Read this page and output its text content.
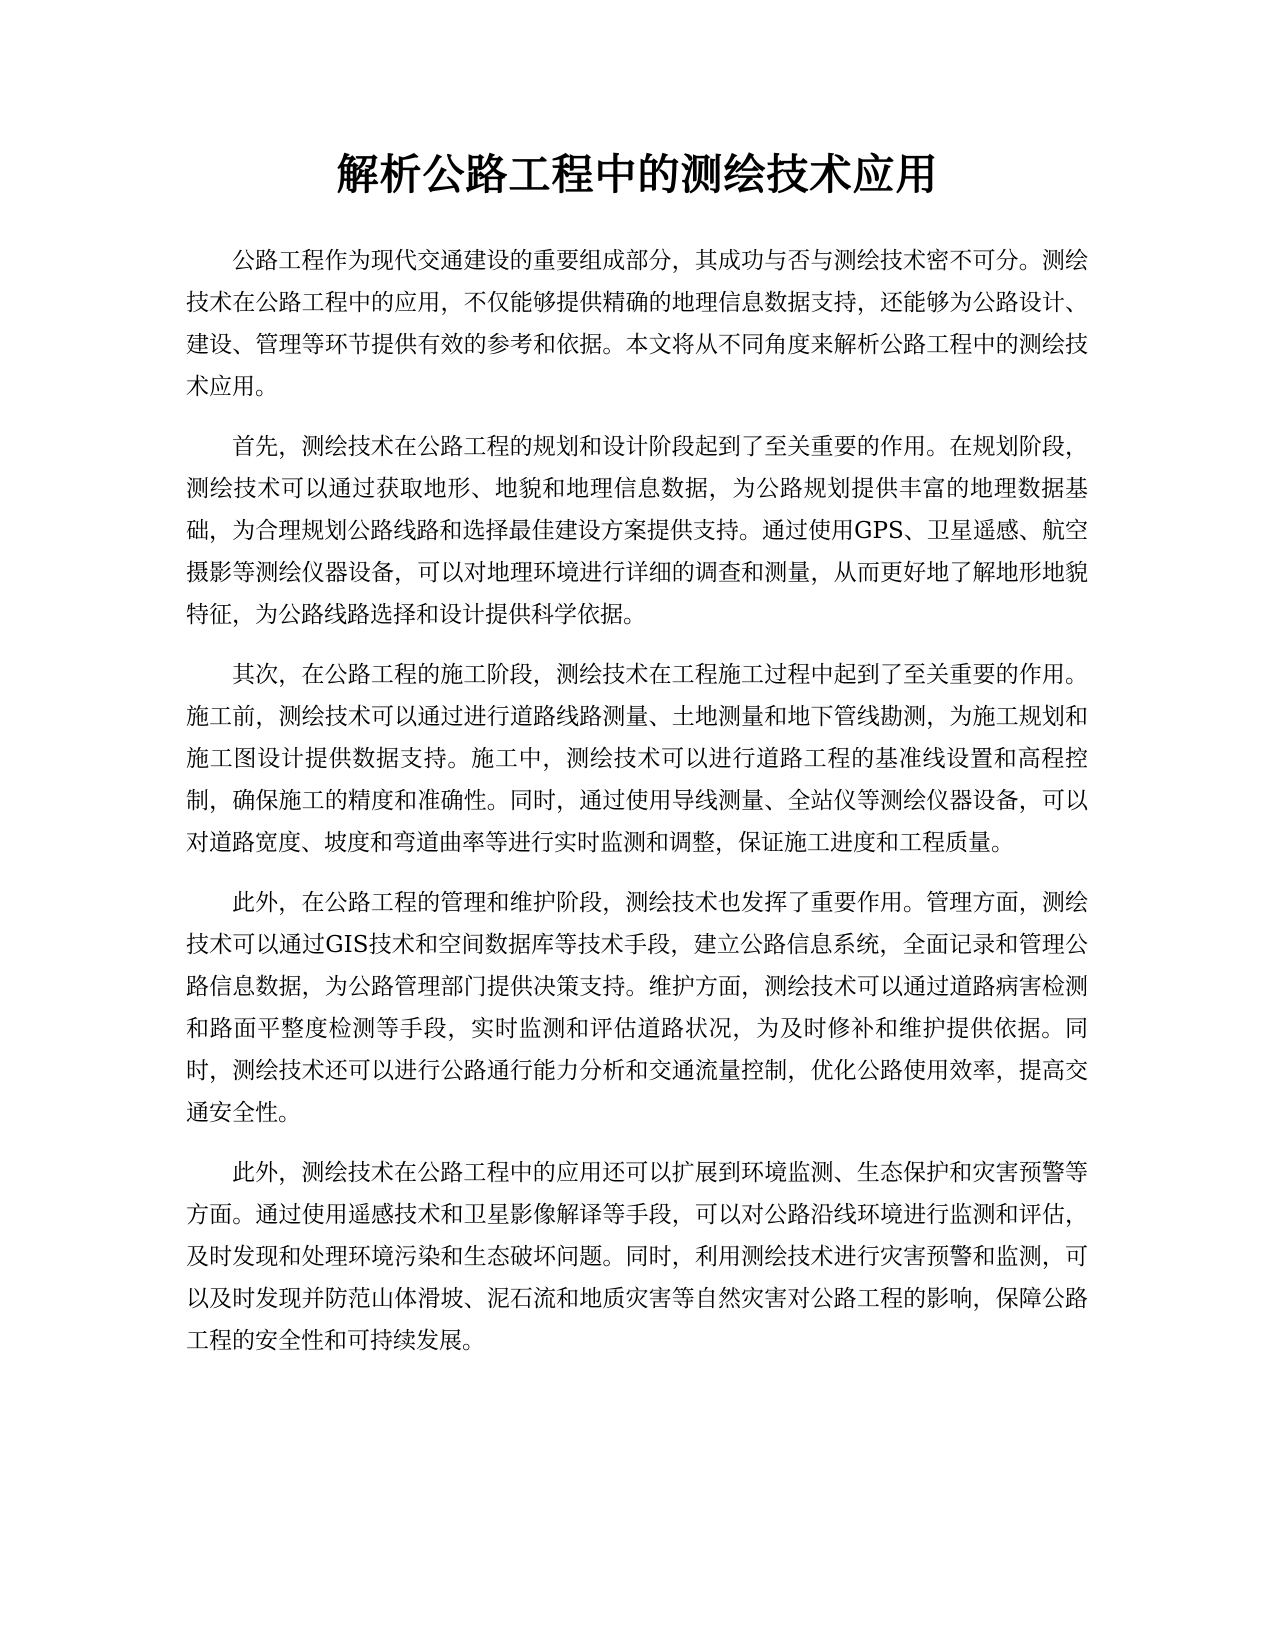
解析公路工程中的测绘技术应用

公路工程作为现代交通建设的重要组成部分，其成功与否与测绘技术密不可分。测绘技术在公路工程中的应用，不仅能够提供精确的地理信息数据支持，还能够为公路设计、建设、管理等环节提供有效的参考和依据。本文将从不同角度来解析公路工程中的测绘技术应用。

首先，测绘技术在公路工程的规划和设计阶段起到了至关重要的作用。在规划阶段，测绘技术可以通过获取地形、地貌和地理信息数据，为公路规划提供丰富的地理数据基础，为合理规划公路线路和选择最佳建设方案提供支持。通过使用GPS、卫星遥感、航空摄影等测绘仪器设备，可以对地理环境进行详细的调查和测量，从而更好地了解地形地貌特征，为公路线路选择和设计提供科学依据。

其次，在公路工程的施工阶段，测绘技术在工程施工过程中起到了至关重要的作用。施工前，测绘技术可以通过进行道路线路测量、土地测量和地下管线勘测，为施工规划和施工图设计提供数据支持。施工中，测绘技术可以进行道路工程的基准线设置和高程控制，确保施工的精度和准确性。同时，通过使用导线测量、全站仪等测绘仪器设备，可以对道路宽度、坡度和弯道曲率等进行实时监测和调整，保证施工进度和工程质量。

此外，在公路工程的管理和维护阶段，测绘技术也发挥了重要作用。管理方面，测绘技术可以通过GIS技术和空间数据库等技术手段，建立公路信息系统，全面记录和管理公路信息数据，为公路管理部门提供决策支持。维护方面，测绘技术可以通过道路病害检测和路面平整度检测等手段，实时监测和评估道路状况，为及时修补和维护提供依据。同时，测绘技术还可以进行公路通行能力分析和交通流量控制，优化公路使用效率，提高交通安全性。

此外，测绘技术在公路工程中的应用还可以扩展到环境监测、生态保护和灾害预警等方面。通过使用遥感技术和卫星影像解译等手段，可以对公路沿线环境进行监测和评估，及时发现和处理环境污染和生态破坏问题。同时，利用测绘技术进行灾害预警和监测，可以及时发现并防范山体滑坡、泥石流和地质灾害等自然灾害对公路工程的影响，保障公路工程的安全性和可持续发展。
